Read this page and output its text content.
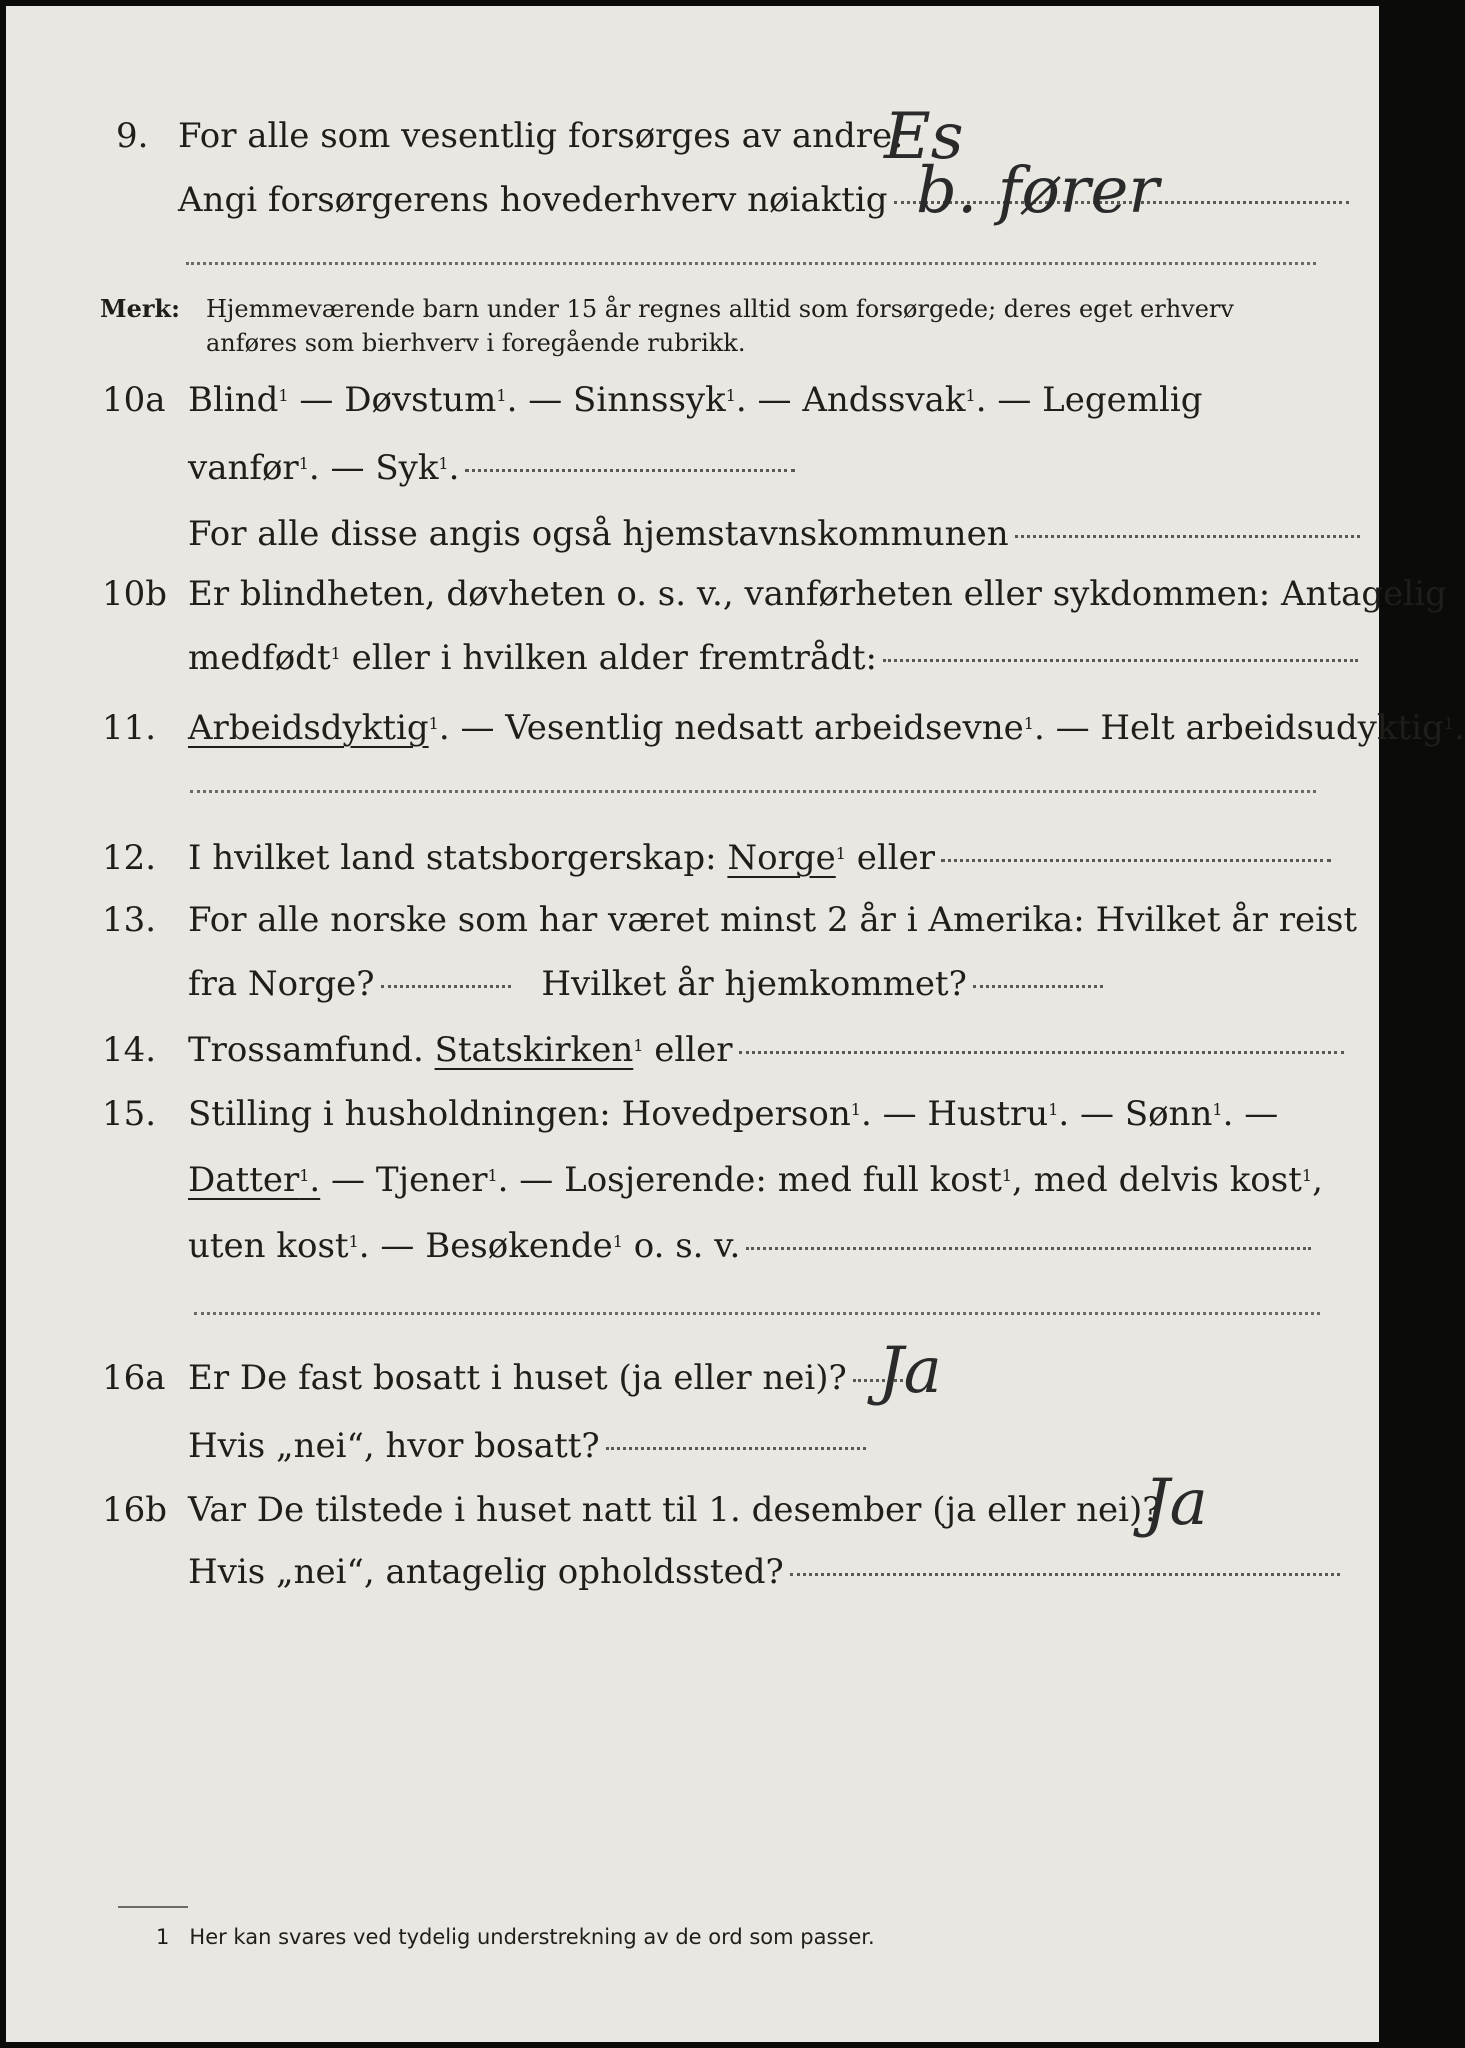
9. For alle som vesentlig forsørges av andre:
Es
Angi forsørgerens hovederhverv nøiaktig b. fører
Merk: Hjemmeværende barn under 15 år regnes alltid som forsørgede; deres eget erhverv
anføres som bierhverv i foregående rubrikk.
10a Blind$^1$ — Døvstum$^1$. — Sinnssyk$^1$. — Andssvak$^1$. — Legemlig
vanfør$^1$. — Syk$^1$.
For alle disse angis også hjemstavnskommunen
10b Er blindheten, døvheten o. s. v., vanførheten eller sykdommen: Antagelig
medfødt$^1$ eller i hvilken alder fremtrådt:
11. Arbeidsdyktig$^1$. — Vesentlig nedsatt arbeidsevne$^1$. — Helt arbeidsudyktig$^1$.
12. I hvilket land statsborgerskap: Norge$^1$ eller
13. For alle norske som har været minst 2 år i Amerika: Hvilket år reist
fra Norge?	Hvilket år hjemkommet?
14. Trossamfund. Statskirken$^1$ eller
15. Stilling i husholdningen: Hovedperson$^1$. — Hustru$^1$. — Sønn$^1$. —
Datter$^1$. — Tjener$^1$. — Losjerende: med full kost$^1$, med delvis kost$^1$,
uten kost$^1$. — Besøkende$^1$ o. s. v.
16a Er De fast bosatt i huset (ja eller nei)? Ja
Hvis „nei“, hvor bosatt?
16b Var De tilstede i huset natt til 1. desember (ja eller nei)?
Ja
Hvis „nei“, antagelig opholdssted?
1 Her kan svares ved tydelig understrekning av de ord som passer.
